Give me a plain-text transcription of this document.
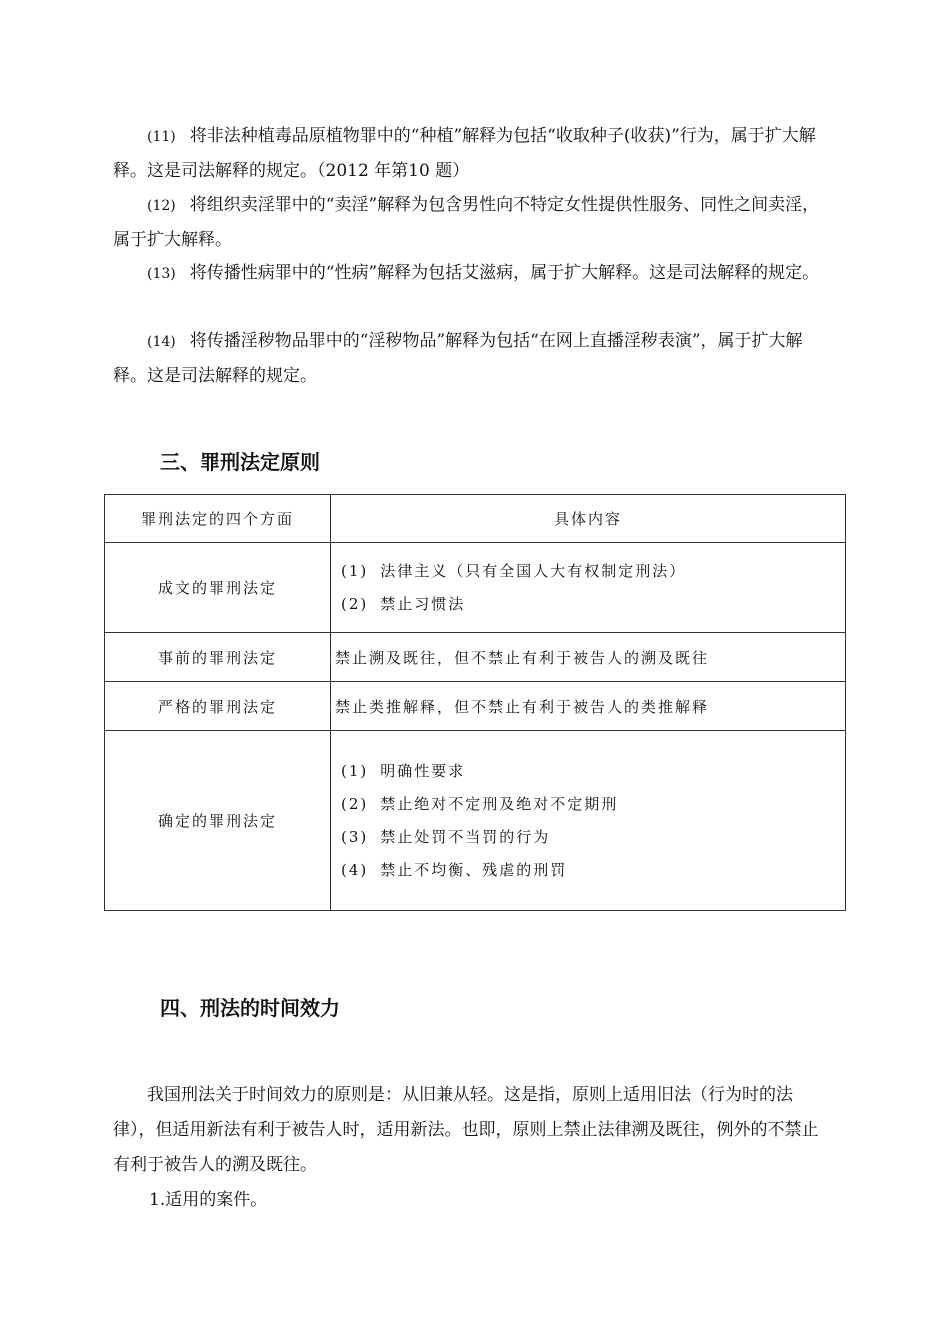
(11) 将非法种植毒品原植物罪中的“种植”解释为包括“收取种子(收获)”行为，属于扩大解释。这是司法解释的规定。（2012 年第10 题）

(12) 将组织卖淫罪中的“卖淫”解释为包含男性向不特定女性提供性服务、同性之间卖淫，属于扩大解释。

(13) 将传播性病罪中的“性病”解释为包括艾滋病，属于扩大解释。这是司法解释的规定。

(14) 将传播淫秽物品罪中的“淫秽物品”解释为包括“在网上直播淫秽表演”，属于扩大解释。这是司法解释的规定。

三、罪刑法定原则
罪刑法定的四个方面	具体内容
成文的罪刑法定	(1) 法律主义（只有全国人大有权制定刑法）
(2) 禁止习惯法

事前的罪刑法定	禁止溯及既往，但不禁止有利于被告人的溯及既往
严格的罪刑法定	禁止类推解释，但不禁止有利于被告人的类推解释
确定的罪刑法定	(1) 明确性要求
(2) 禁止绝对不定刑及绝对不定期刑
(3) 禁止处罚不当罚的行为
(4) 禁止不均衡、残虐的刑罚
四、刑法的时间效力

我国刑法关于时间效力的原则是：从旧兼从轻。这是指，原则上适用旧法（行为时的法律），但适用新法有利于被告人时，适用新法。也即，原则上禁止法律溯及既往，例外的不禁止有利于被告人的溯及既往。

1.适用的案件。
